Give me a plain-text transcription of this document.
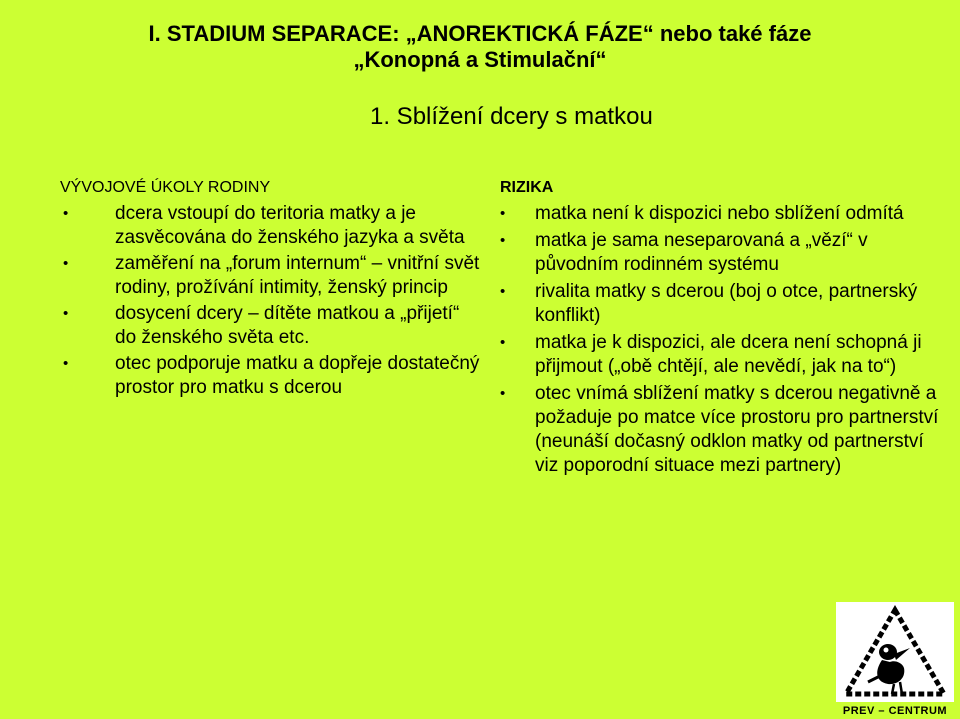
I. STADIUM SEPARACE: „ANOREKTICKÁ FÁZE“ nebo také fáze
„Konopná a Stimulační“
1. Sblížení dcery s matkou
VÝVOJOVÉ ÚKOLY RODINY
• dcera vstoupí do teritoria matky a je zasvěcována do ženského jazyka a světa
• zaměření na „forum internum“ – vnitřní svět rodiny, prožívání intimity, ženský princip
• dosycení dcery – dítěte matkou a „přijetí“ do ženského světa etc.
• otec podporuje matku a dopřeje dostatečný prostor pro matku s dcerou
RIZIKA
• matka není k dispozici nebo sblížení odmítá
• matka je sama neseparovaná a „vězí“ v původním rodinném systému
• rivalita matky s dcerou (boj o otce, partnerský konflikt)
• matka je k dispozici, ale dcera není schopná ji přijmout („obě chtějí, ale nevědí, jak na to“)
• otec vnímá sblížení matky s dcerou negativně a požaduje po matce více prostoru pro partnerství (neunáší dočasný odklon matky od partnerství viz poporodní situace mezi partnery)
PREV – CENTRUM
